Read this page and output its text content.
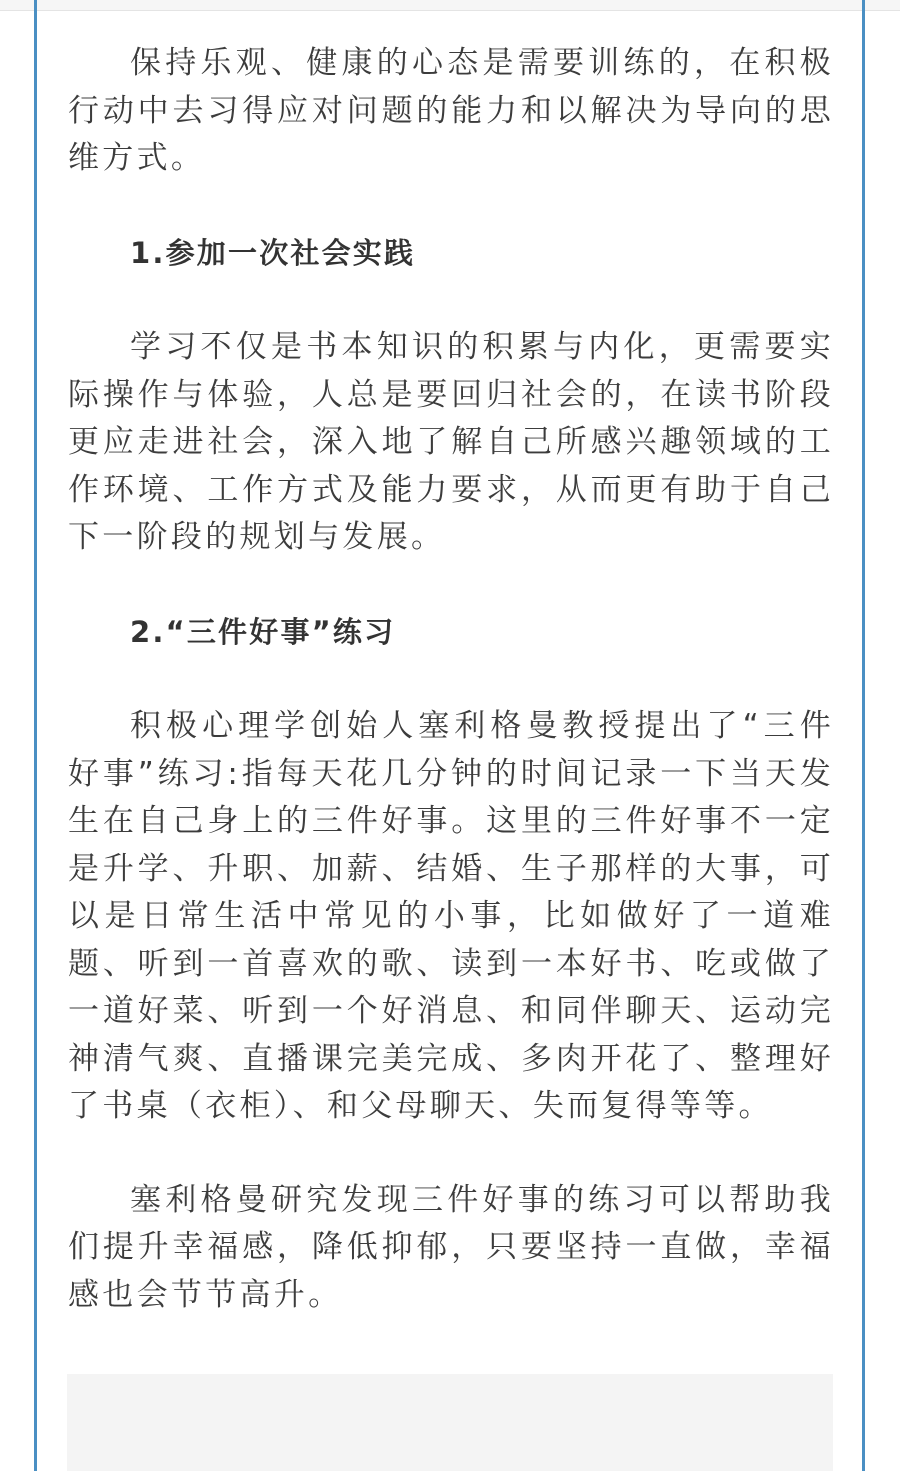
保持乐观、健康的心态是需要训练的，在积极行动中去习得应对问题的能力和以解决为导向的思维方式。

1.参加一次社会实践

学习不仅是书本知识的积累与内化，更需要实际操作与体验，人总是要回归社会的，在读书阶段更应走进社会，深入地了解自己所感兴趣领域的工作环境、工作方式及能力要求，从而更有助于自己下一阶段的规划与发展。

2.“三件好事”练习

积极心理学创始人塞利格曼教授提出了“三件好事”练习:指每天花几分钟的时间记录一下当天发生在自己身上的三件好事。这里的三件好事不一定是升学、升职、加薪、结婚、生子那样的大事，可以是日常生活中常见的小事，比如做好了一道难题、听到一首喜欢的歌、读到一本好书、吃或做了一道好菜、听到一个好消息、和同伴聊天、运动完神清气爽、直播课完美完成、多肉开花了、整理好了书桌（衣柜）、和父母聊天、失而复得等等。

塞利格曼研究发现三件好事的练习可以帮助我们提升幸福感，降低抑郁，只要坚持一直做，幸福感也会节节高升。
